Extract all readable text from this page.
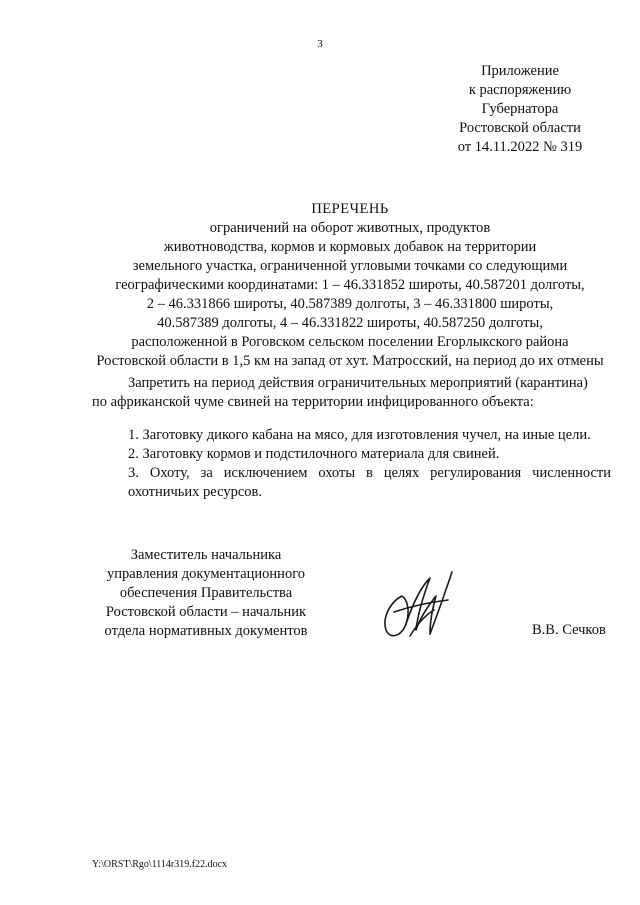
3
Приложение
к распоряжению
Губернатора
Ростовской области
от 14.11.2022 № 319
ПЕРЕЧЕНЬ
ограничений на оборот животных, продуктов
животноводства, кормов и кормовых добавок на территории
земельного участка, ограниченной угловыми точками со следующими
географическими координатами: 1 – 46.331852 широты, 40.587201 долготы,
2 – 46.331866 широты, 40.587389 долготы, 3 – 46.331800 широты,
40.587389 долготы, 4 – 46.331822 широты, 40.587250 долготы,
расположенной в Роговском сельском поселении Егорлыкского района
Ростовской области в 1,5 км на запад от хут. Матросский, на период до их отмены
Запретить на период действия ограничительных мероприятий (карантина)
по африканской чуме свиней на территории инфицированного объекта:
1. Заготовку дикого кабана на мясо, для изготовления чучел, на иные цели.
2. Заготовку кормов и подстилочного материала для свиней.
3. Охоту, за исключением охоты в целях регулирования численности охотничьих ресурсов.
Заместитель начальника
управления документационного
обеспечения Правительства
Ростовской области – начальник
отдела нормативных документов	В.В. Сечков
Y:\ORST\Rgo\1114r319.f22.docx
